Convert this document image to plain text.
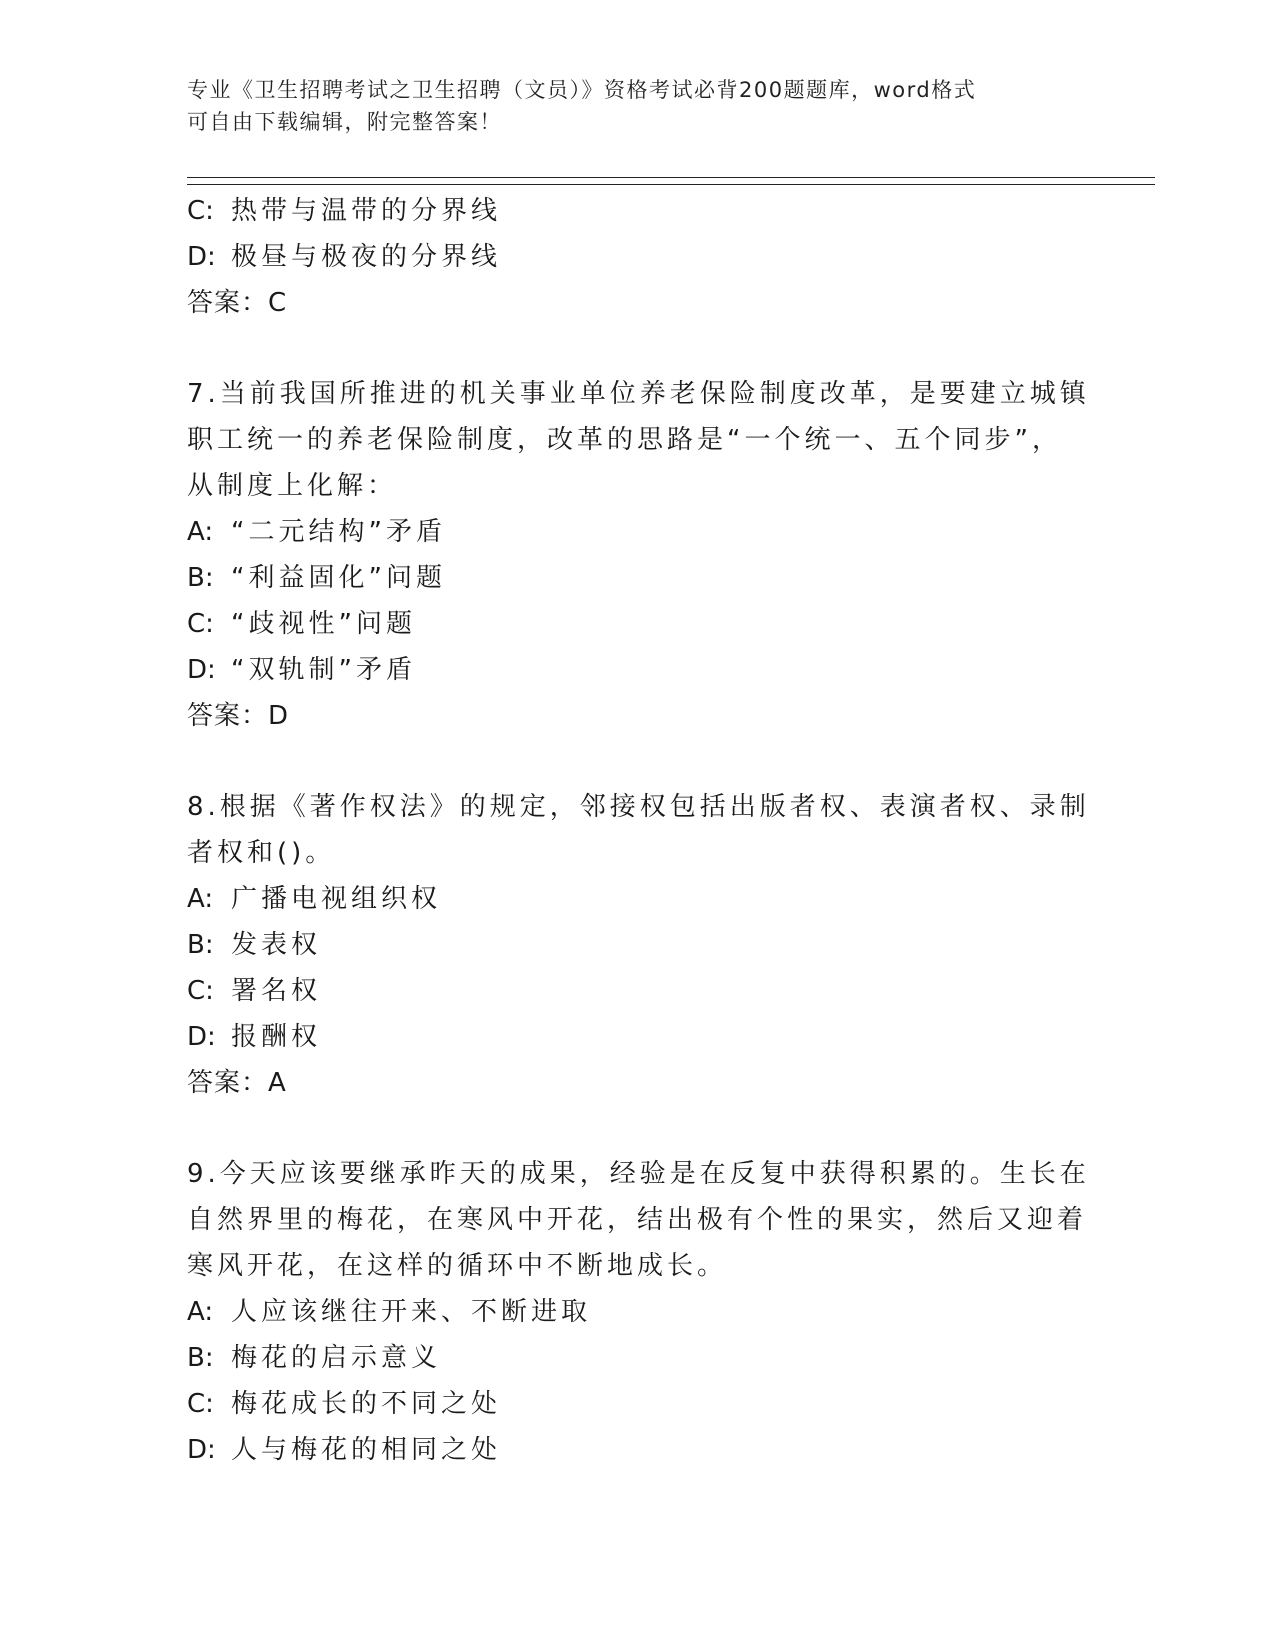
专业《卫生招聘考试之卫生招聘（文员）》资格考试必背200题题库，word格式
可自由下载编辑，附完整答案！
C: 热带与温带的分界线
D: 极昼与极夜的分界线
答案：C
7.当前我国所推进的机关事业单位养老保险制度改革，是要建立城镇
职工统一的养老保险制度，改革的思路是“一个统一、五个同步”，
从制度上化解：
A: “二元结构”矛盾
B: “利益固化”问题
C: “歧视性”问题
D: “双轨制”矛盾
答案：D
8.根据《著作权法》的规定，邻接权包括出版者权、表演者权、录制
者权和()。
A: 广播电视组织权
B: 发表权
C: 署名权
D: 报酬权
答案：A
9.今天应该要继承昨天的成果，经验是在反复中获得积累的。生长在
自然界里的梅花，在寒风中开花，结出极有个性的果实，然后又迎着
寒风开花，在这样的循环中不断地成长。
A: 人应该继往开来、不断进取
B: 梅花的启示意义
C: 梅花成长的不同之处
D: 人与梅花的相同之处
